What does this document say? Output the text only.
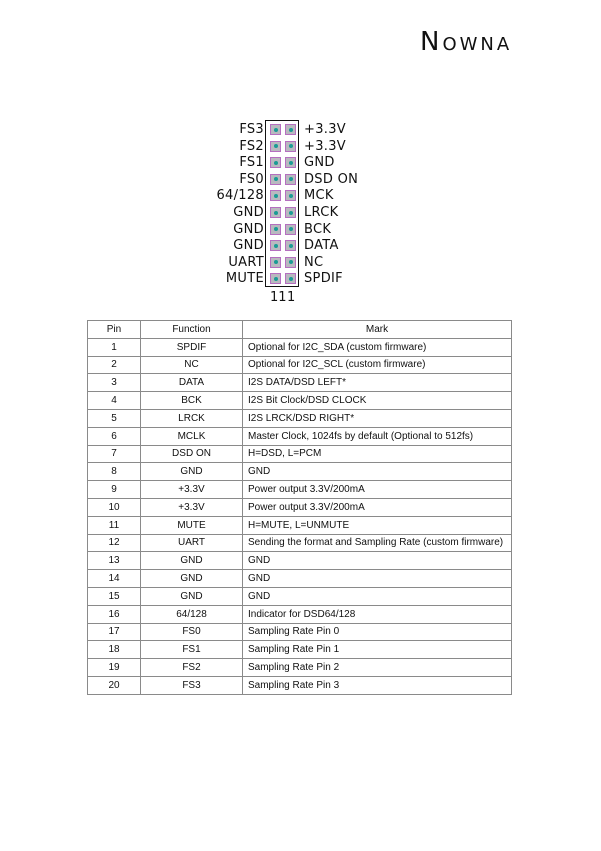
Nowna
FS3
FS2
FS1
FS0
64/128
GND
GND
GND
UART
MUTE
+3.3V
+3.3V
GND
DSD ON
MCK
LRCK
BCK
DATA
NC
SPDIF
11 1
Pin	Function	Mark
1	SPDIF	Optional for I2C_SDA (custom firmware)
2	NC	Optional for I2C_SCL (custom firmware)
3	DATA	I2S DATA/DSD LEFT*
4	BCK	I2S Bit Clock/DSD CLOCK
5	LRCK	I2S LRCK/DSD RIGHT*
6	MCLK	Master Clock, 1024fs by default (Optional to 512fs)
7	DSD ON	H=DSD, L=PCM
8	GND	GND
9	+3.3V	Power output 3.3V/200mA
10	+3.3V	Power output 3.3V/200mA
11	MUTE	H=MUTE, L=UNMUTE
12	UART	Sending the format and Sampling Rate (custom firmware)
13	GND	GND
14	GND	GND
15	GND	GND
16	64/128	Indicator for DSD64/128
17	FS0	Sampling Rate Pin 0
18	FS1	Sampling Rate Pin 1
19	FS2	Sampling Rate Pin 2
20	FS3	Sampling Rate Pin 3
